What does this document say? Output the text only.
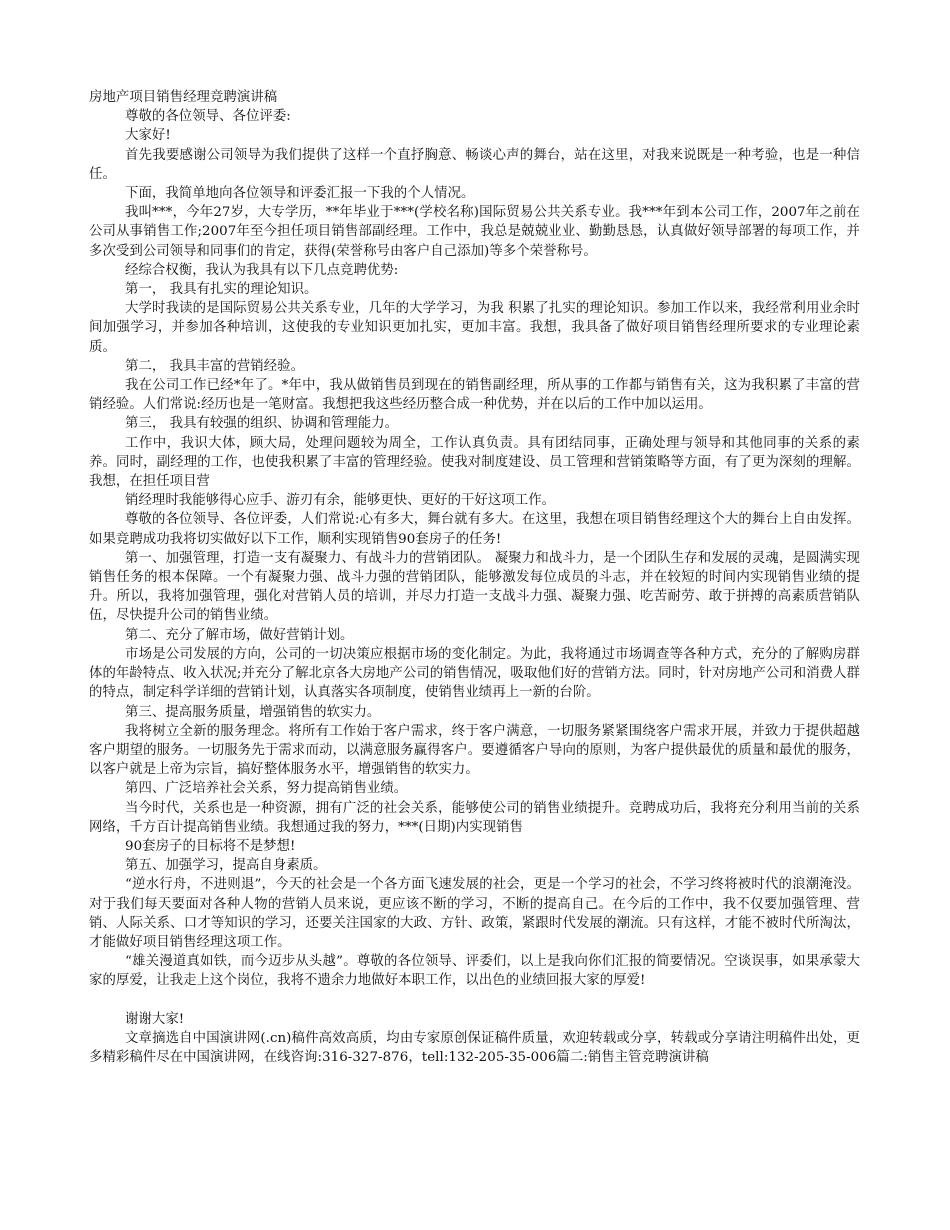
房地产项目销售经理竞聘演讲稿

尊敬的各位领导、各位评委:

大家好!

首先我要感谢公司领导为我们提供了这样一个直抒胸意、畅谈心声的舞台，站在这里，对我来说既是一种考验，也是一种信任。

下面，我简单地向各位领导和评委汇报一下我的个人情况。

我叫***，今年27岁，大专学历，**年毕业于***(学校名称)国际贸易公共关系专业。我***年到本公司工作，2007年之前在公司从事销售工作;2007年至今担任项目销售部副经理。工作中，我总是兢兢业业、勤勤恳恳，认真做好领导部署的每项工作，并多次受到公司领导和同事们的肯定，获得(荣誉称号由客户自己添加)等多个荣誉称号。

经综合权衡，我认为我具有以下几点竞聘优势:

第一， 我具有扎实的理论知识。

大学时我读的是国际贸易公共关系专业，几年的大学学习，为我 积累了扎实的理论知识。参加工作以来，我经常利用业余时间加强学习，并参加各种培训，这使我的专业知识更加扎实，更加丰富。我想，我具备了做好项目销售经理所要求的专业理论素质。

第二， 我具丰富的营销经验。

我在公司工作已经*年了。*年中，我从做销售员到现在的销售副经理，所从事的工作都与销售有关，这为我积累了丰富的营销经验。人们常说:经历也是一笔财富。我想把我这些经历整合成一种优势，并在以后的工作中加以运用。

第三， 我具有较强的组织、协调和管理能力。

工作中，我识大体，顾大局，处理问题较为周全，工作认真负责。具有团结同事，正确处理与领导和其他同事的关系的素养。同时，副经理的工作，也使我积累了丰富的管理经验。使我对制度建设、员工管理和营销策略等方面，有了更为深刻的理解。我想，在担任项目营

销经理时我能够得心应手、游刃有余，能够更快、更好的干好这项工作。

尊敬的各位领导、各位评委，人们常说:心有多大，舞台就有多大。在这里，我想在项目销售经理这个大的舞台上自由发挥。如果竞聘成功我将切实做好以下工作，顺利实现销售90套房子的任务!

第一、加强管理，打造一支有凝聚力、有战斗力的营销团队。 凝聚力和战斗力，是一个团队生存和发展的灵魂，是圆满实现销售任务的根本保障。一个有凝聚力强、战斗力强的营销团队，能够激发每位成员的斗志，并在较短的时间内实现销售业绩的提升。所以，我将加强管理，强化对营销人员的培训，并尽力打造一支战斗力强、凝聚力强、吃苦耐劳、敢于拼搏的高素质营销队伍，尽快提升公司的销售业绩。

第二、充分了解市场，做好营销计划。

市场是公司发展的方向，公司的一切决策应根据市场的变化制定。为此，我将通过市场调查等各种方式，充分的了解购房群体的年龄特点、收入状况;并充分了解北京各大房地产公司的销售情况，吸取他们好的营销方法。同时，针对房地产公司和消费人群的特点，制定科学详细的营销计划，认真落实各项制度，使销售业绩再上一新的台阶。

第三、提高服务质量，增强销售的软实力。

我将树立全新的服务理念。将所有工作始于客户需求，终于客户满意，一切服务紧紧围绕客户需求开展，并致力于提供超越客户期望的服务。一切服务先于需求而动，以满意服务赢得客户。要遵循客户导向的原则，为客户提供最优的质量和最优的服务，以客户就是上帝为宗旨，搞好整体服务水平，增强销售的软实力。

第四、广泛培养社会关系，努力提高销售业绩。

当今时代，关系也是一种资源，拥有广泛的社会关系，能够使公司的销售业绩提升。竞聘成功后，我将充分利用当前的关系网络，千方百计提高销售业绩。我想通过我的努力，***(日期)内实现销售

90套房子的目标将不是梦想!

第五、加强学习，提高自身素质。

“逆水行舟，不进则退”，今天的社会是一个各方面飞速发展的社会，更是一个学习的社会，不学习终将被时代的浪潮淹没。对于我们每天要面对各种人物的营销人员来说，更应该不断的学习，不断的提高自己。在今后的工作中，我不仅要加强管理、营销、人际关系、口才等知识的学习，还要关注国家的大政、方针、政策，紧跟时代发展的潮流。只有这样，才能不被时代所淘汰，才能做好项目销售经理这项工作。

“雄关漫道真如铁，而今迈步从头越”。尊敬的各位领导、评委们，以上是我向你们汇报的简要情况。空谈误事，如果承蒙大家的厚爱，让我走上这个岗位，我将不遗余力地做好本职工作，以出色的业绩回报大家的厚爱!

谢谢大家!

文章摘选自中国演讲网(.cn)稿件高效高质，均由专家原创保证稿件质量，欢迎转载或分享，转载或分享请注明稿件出处，更多精彩稿件尽在中国演讲网，在线咨询:316-327-876，tell:132-205-35-006篇二:销售主管竞聘演讲稿
